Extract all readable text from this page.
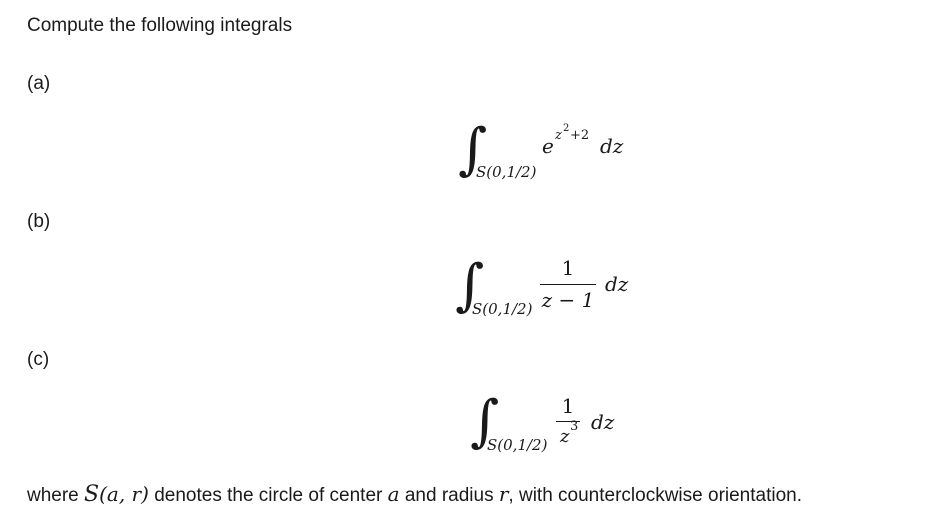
Compute the following integrals
(a)
∫
S(0,1/2)
e z 2 +2 dz
(b)
∫
S(0,1/2)
1
z − 1
dz
(c)
∫
S(0,1/2)
1
z 3 dz
where S(a, r) denotes the circle of center a and radius r, with counterclockwise orientation.
